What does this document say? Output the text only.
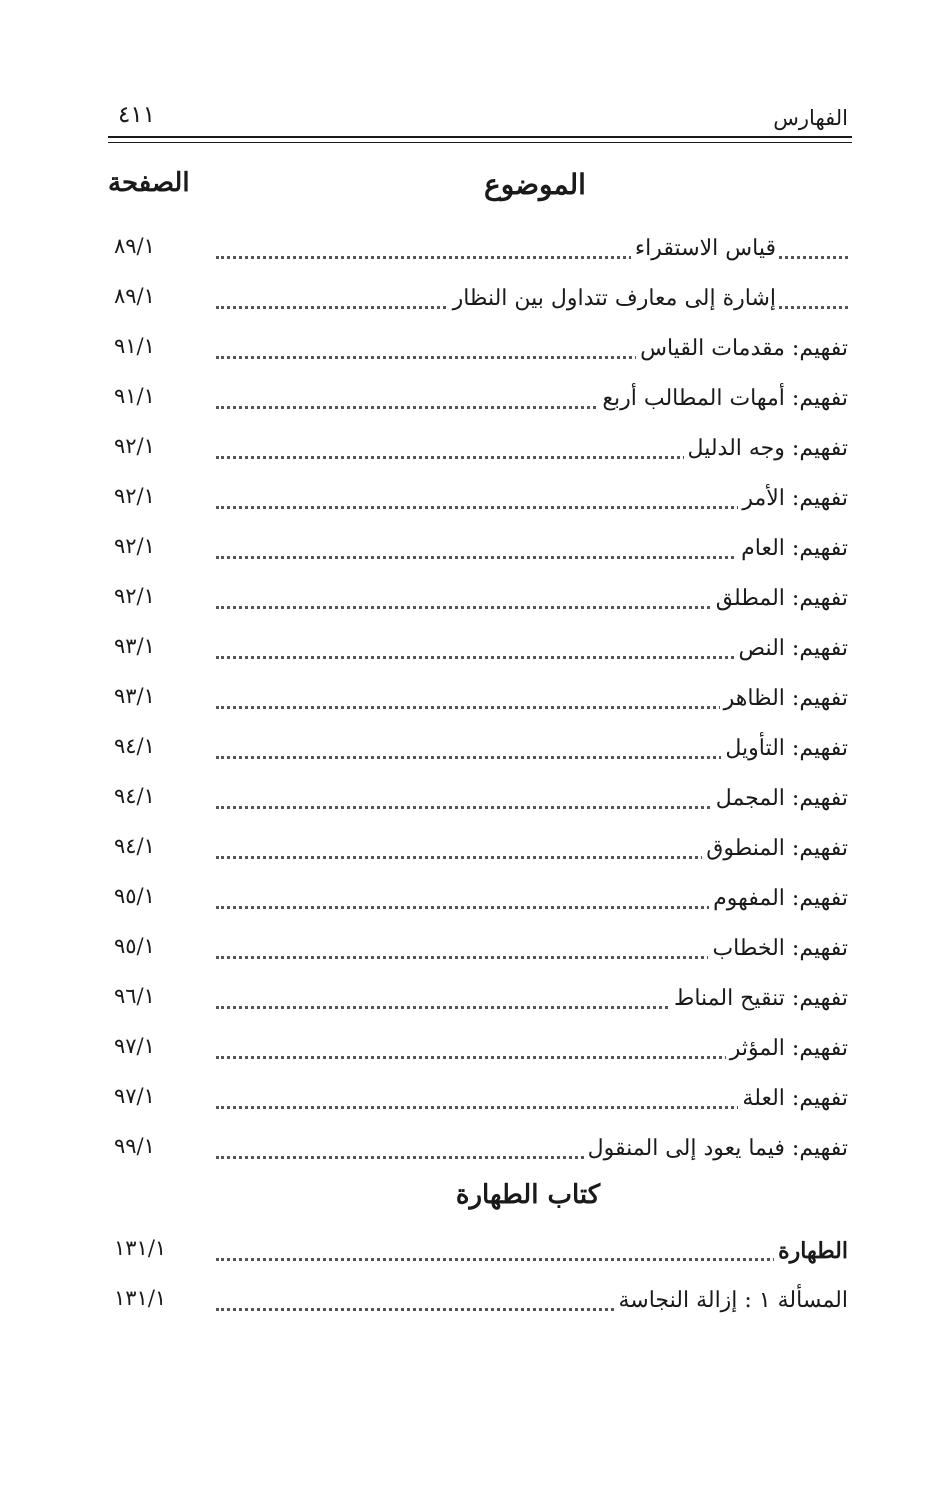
الفهارس
٤١١
الموضوع
الصفحة
قياس الاستقراء
٨٩/١
إشارة إلى معارف تتداول بين النظار
٨٩/١
تفهيم: مقدمات القياس
٩١/١
تفهيم: أمهات المطالب أربع
٩١/١
تفهيم: وجه الدليل
٩٢/١
تفهيم: الأمر
٩٢/١
تفهيم: العام
٩٢/١
تفهيم: المطلق
٩٢/١
تفهيم: النص
٩٣/١
تفهيم: الظاهر
٩٣/١
تفهيم: التأويل
٩٤/١
تفهيم: المجمل
٩٤/١
تفهيم: المنطوق
٩٤/١
تفهيم: المفهوم
٩٥/١
تفهيم: الخطاب
٩٥/١
تفهيم: تنقيح المناط
٩٦/١
تفهيم: المؤثر
٩٧/١
تفهيم: العلة
٩٧/١
تفهيم: فيما يعود إلى المنقول
٩٩/١
كتاب الطهارة
الطهارة
١٣١/١
المسألة ١ : إزالة النجاسة
١٣١/١
